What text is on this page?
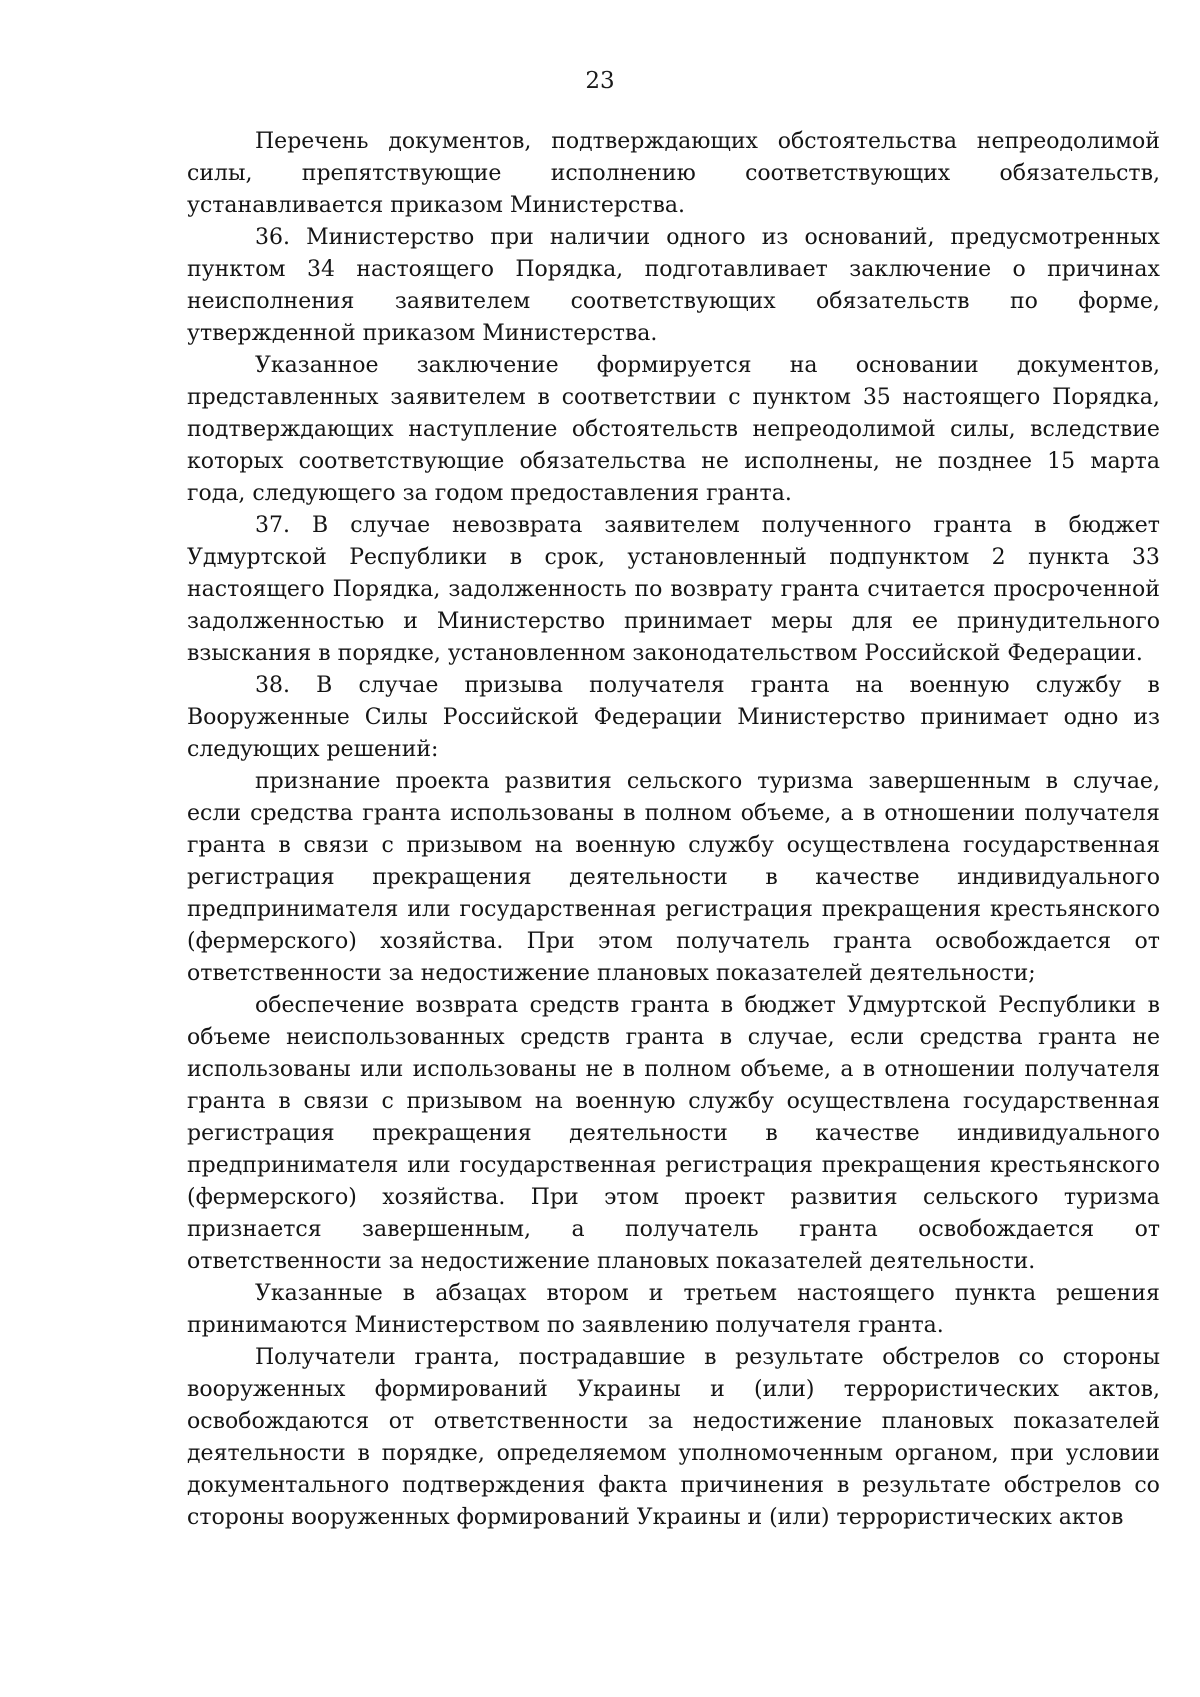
23
Перечень документов, подтверждающих обстоятельства непреодолимой
силы, препятствующие исполнению соответствующих обязательств,
устанавливается приказом Министерства.
36. Министерство при наличии одного из оснований, предусмотренных
пунктом 34 настоящего Порядка, подготавливает заключение о причинах
неисполнения заявителем соответствующих обязательств по форме,
утвержденной приказом Министерства.
Указанное заключение формируется на основании документов,
представленных заявителем в соответствии с пунктом 35 настоящего Порядка,
подтверждающих наступление обстоятельств непреодолимой силы, вследствие
которых соответствующие обязательства не исполнены, не позднее 15 марта
года, следующего за годом предоставления гранта.
37. В случае невозврата заявителем полученного гранта в бюджет
Удмуртской Республики в срок, установленный подпунктом 2 пункта 33
настоящего Порядка, задолженность по возврату гранта считается просроченной
задолженностью и Министерство принимает меры для ее принудительного
взыскания в порядке, установленном законодательством Российской Федерации.
38. В случае призыва получателя гранта на военную службу в
Вооруженные Силы Российской Федерации Министерство принимает одно из
следующих решений:
признание проекта развития сельского туризма завершенным в случае,
если средства гранта использованы в полном объеме, а в отношении получателя
гранта в связи с призывом на военную службу осуществлена государственная
регистрация прекращения деятельности в качестве индивидуального
предпринимателя или государственная регистрация прекращения крестьянского
(фермерского) хозяйства. При этом получатель гранта освобождается от
ответственности за недостижение плановых показателей деятельности;
обеспечение возврата средств гранта в бюджет Удмуртской Республики в
объеме неиспользованных средств гранта в случае, если средства гранта не
использованы или использованы не в полном объеме, а в отношении получателя
гранта в связи с призывом на военную службу осуществлена государственная
регистрация прекращения деятельности в качестве индивидуального
предпринимателя или государственная регистрация прекращения крестьянского
(фермерского) хозяйства. При этом проект развития сельского туризма
признается завершенным, а получатель гранта освобождается от
ответственности за недостижение плановых показателей деятельности.
Указанные в абзацах втором и третьем настоящего пункта решения
принимаются Министерством по заявлению получателя гранта.
Получатели гранта, пострадавшие в результате обстрелов со стороны
вооруженных формирований Украины и (или) террористических актов,
освобождаются от ответственности за недостижение плановых показателей
деятельности в порядке, определяемом уполномоченным органом, при условии
документального подтверждения факта причинения в результате обстрелов со
стороны вооруженных формирований Украины и (или) террористических актов
